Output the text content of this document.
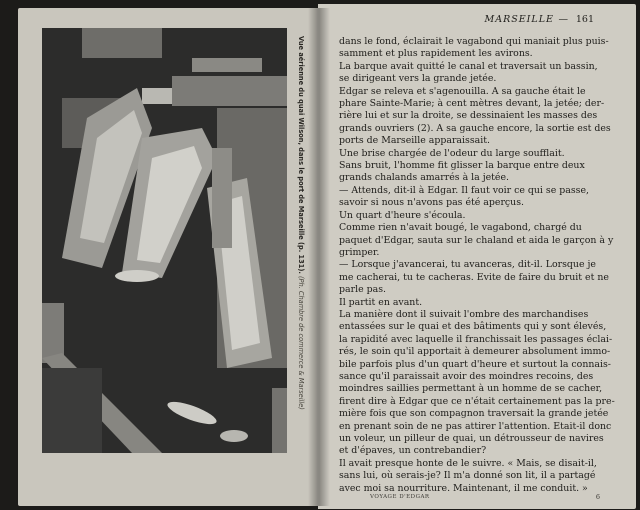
Vue aérienne du quai Wilson, dans le port de Marseille (p. 131). (Ph. Chambre de commerce & Marseille)
MARSEILLE — 161
dans le fond, éclairait le vagabond qui maniait plus puis-
samment et plus rapidement les avirons.
La barque avait quitté le canal et traversait un bassin,
se dirigeant vers la grande jetée.
Edgar se releva et s'agenouilla. A sa gauche était le
phare Sainte-Marie; à cent mètres devant, la jetée; der-
rière lui et sur la droite, se dessinaient les masses des
grands ouvriers (2). A sa gauche encore, la sortie est des
ports de Marseille apparaissait.
Une brise chargée de l'odeur du large soufflait.
Sans bruit, l'homme fit glisser la barque entre deux
grands chalands amarrés à la jetée.
— Attends, dit-il à Edgar. Il faut voir ce qui se passe,
savoir si nous n'avons pas été aperçus.
Un quart d'heure s'écoula.
Comme rien n'avait bougé, le vagabond, chargé du
paquet d'Edgar, sauta sur le chaland et aida le garçon à y
grimper.
— Lorsque j'avancerai, tu avanceras, dit-il. Lorsque je
me cacherai, tu te cacheras. Evite de faire du bruit et ne
parle pas.
Il partit en avant.
La manière dont il suivait l'ombre des marchandises
entassées sur le quai et des bâtiments qui y sont élevés,
la rapidité avec laquelle il franchissait les passages éclai-
rés, le soin qu'il apportait à demeurer absolument immo-
bile parfois plus d'un quart d'heure et surtout la connais-
sance qu'il paraissait avoir des moindres recoins, des
moindres saillies permettant à un homme de se cacher,
firent dire à Edgar que ce n'était certainement pas la pre-
mière fois que son compagnon traversait la grande jetée
en prenant soin de ne pas attirer l'attention. Etait-il donc
un voleur, un pilleur de quai, un détrousseur de navires
et d'épaves, un contrebandier?
Il avait presque honte de le suivre. « Mais, se disait-il,
sans lui, où serais-je? Il m'a donné son lit, il a partagé
avec moi sa nourriture. Maintenant, il me conduit. »
VOYAGE D'EDGAR	6
